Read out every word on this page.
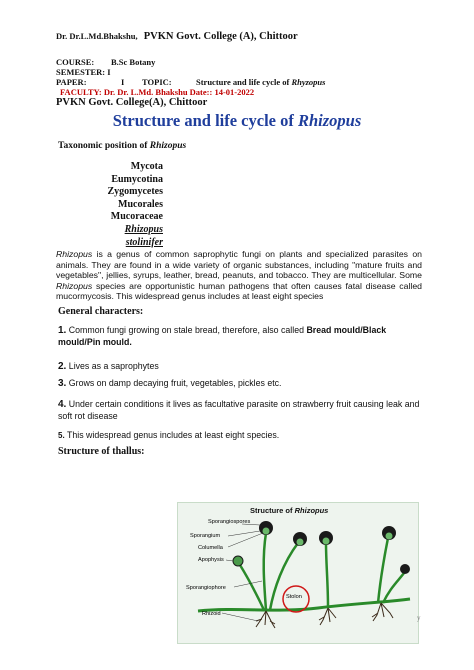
Dr. Dr.L.Md.Bhakshu, PVKN Govt. College (A), Chittoor
COURSE: B.Sc Botany
SEMESTER: I
PAPER:	I TOPIC:	Structure and life cycle of Rhyzopus
FACULTY: Dr. Dr. L.Md. Bhakshu Date:: 14-01-2022
PVKN Govt. College(A), Chittoor
Structure and life cycle of Rhizopus
Taxonomic position of Rhizopus
Mycota
Eumycotina
Zygomycetes
Mucorales
Mucoraceae
Rhizopus
stolinifer
Rhizopus is a genus of common saprophytic fungi on plants and specialized parasites on animals. They are found in a wide variety of organic substances, including "mature fruits and vegetables", jellies, syrups, leather, bread, peanuts, and tobacco. They are multicellular. Some Rhizopus species are opportunistic human pathogens that often causes fatal disease called mucormycosis. This widespread genus includes at least eight species
General characters:
1. Common fungi growing on stale bread, therefore, also called Bread mould/Black mould/Pin mould.
2. Lives as a saprophytes
3. Grows on damp decaying fruit, vegetables, pickles etc.
4. Under certain conditions it lives as facultative parasite on strawberry fruit causing leak and soft rot disease
5. This widespread genus includes at least eight species.
Structure of thallus:
Structure of Rhizopus
Sporangiospores
Sporangium
Columella
Apophysis
Sporangiophore
Stolon
Rhizoid	y
